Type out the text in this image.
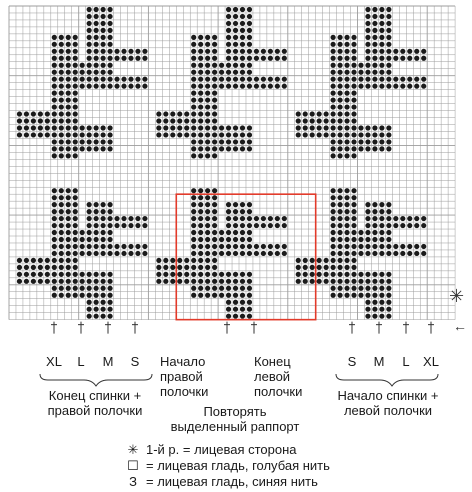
✳
←
XL L M S	S M L XL
Конец спинки +
правой полочки
Начало
правой
полочки
Конец
левой
полочки
Повторять
выделенный раппорт
Начало спинки +
левой полочки
✳ 1-й р. = лицевая сторона
☐ = лицевая гладь, голубая нить
З = лицевая гладь, синяя нить
